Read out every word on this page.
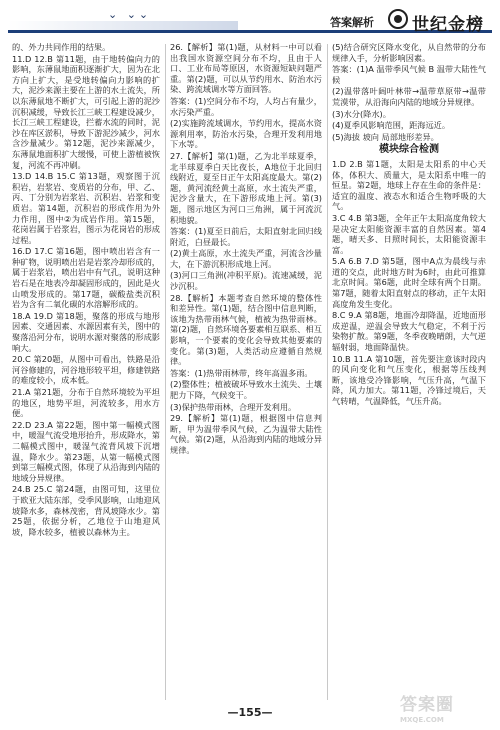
⌄ ⌄⌄
答案解析 世纪金榜

的、外力共同作用的结果。

11.D 12.B 第11题，由于地转偏向力的影响，东薄鼠地面积逐渐扩大，因为在北方向上扩大，是受地转偏向力影响的扩大，泥沙来源主要在上游的水土流失，所以东薄鼠地不断扩大，可引起上游的泥沙沉积减缓，导致长江三峡工程建设减少，长江三峡工程建设，拦蓄水流的同时，泥沙在库区淤积，导致下游泥沙减少，河水含沙量减少。第12题，泥沙来源减少，东薄鼠地面积扩大缓慢，可使上游植被恢复，河流不再冲刷。

13.D 14.B 15.C 第13题，观察图于沉积岩，岩浆岩、变质岩的分布，甲、乙、丙、丁分别为岩浆岩、沉积岩、岩浆和变质岩。第14题，沉积岩的形成作用为外力作用，图中②为成岩作用。第15题，花岗岩属于岩浆岩，图示为花岗岩的形成过程。

16.D 17.C 第16题，图中喷出岩含有一种矿物，说明喷出岩是岩浆冷却形成的，属于岩浆岩，喷出岩中有气孔，说明这种岩石是在地表冷却凝固形成的，因此是火山喷发形成的。第17题，碳酸盐类沉积岩为含有二氧化碳的水溶解形成的。

18.A 19.D 第18题，聚落的形成与地形因素、交通因素、水源因素有关，图中的聚落沿河分布，说明水源对聚落的形成影响大。

20.C 第20题，从图中可看出，铁路是沿河谷修建的，河谷地形较平坦，修建铁路的难度较小，成本低。

21.A 第21题，分布于自然环境较为平坦的地区，地势平坦，河流较多，用水方便。

22.D 23.A 第22题，图中第一幅模式图中，暖湿气流受地形抬升，形成降水，第二幅模式图中，暖湿气流背风坡下沉增温，降水少。第23题，从第一幅模式图到第三幅模式图，体现了从沿海到内陆的地域分异规律。

24.B 25.C 第24题，由图可知，这里位于欧亚大陆东部，受季风影响，山地迎风坡降水多，森林茂密，背风坡降水少。第25题，依据分析，乙地位于山地迎风坡，降水较多，植被以森林为主。

26.【解析】第(1)题，从材料一中可以看出我国水资源空间分布不均，且由于人口、工业布局等原因，水资源短缺问题严重。第(2)题，可以从节约用水、防治水污染、跨流域调水等方面回答。

答案：(1)空间分布不均，人均占有量少，水污染严重。

(2)实施跨流域调水，节约用水，提高水资源利用率，防治水污染，合理开发利用地下水等。

27.【解析】第(1)题，乙为北半球夏季，北半球夏季白天比夜长，A地位于北回归线附近，夏至日正午太阳高度最大。第(2)题，黄河流经黄土高原，水土流失严重，泥沙含量大，在下游形成地上河。第(3)题，图示地区为河口三角洲，属于河流沉积地貌。

答案：(1)夏至日前后，太阳直射北回归线附近，白昼最长。

(2)黄土高原，水土流失严重，河流含沙量大，在下游沉积形成地上河。

(3)河口三角洲(冲积平原)。流速减缓，泥沙沉积。

28.【解析】本题考查自然环境的整体性和差异性。第(1)题，结合图中信息判断，该地为热带雨林气候，植被为热带雨林。第(2)题，自然环境各要素相互联系、相互影响，一个要素的变化会导致其他要素的变化。第(3)题，人类活动应遵循自然规律。

答案：(1)热带雨林带，终年高温多雨。

(2)整体性；植被破坏导致水土流失、土壤肥力下降，气候变干。

(3)保护热带雨林，合理开发利用。

29.【解析】第(1)题，根据图中信息判断，甲为温带季风气候，乙为温带大陆性气候。第(2)题，从沿海到内陆的地域分异规律。

(5)结合研究区降水变化，从自然带的分布规律入手，分析影响因素。

答案：(1)A 温带季风气候 B 温带大陆性气候

(2)温带落叶阔叶林带→温带草原带→温带荒漠带，从沿海向内陆的地域分异规律。

(3)水分(降水)。

(4)夏季风影响范围，距海远近。

(5)海拔 坡向 局部地形差异。

模块综合检测

1.D 2.B 第1题，太阳是太阳系的中心天体，体积大、质量大，是太阳系中唯一的恒星。第2题，地球上存在生命的条件是：适宜的温度、液态水和适合生物呼吸的大气。

3.C 4.B 第3题，全年正午太阳高度角较大是决定太阳能资源丰富的自然因素。第4题，晴天多、日照时间长，太阳能资源丰富。

5.A 6.B 7.D 第5题，图中A点为晨线与赤道的交点，此时地方时为6时，由此可推算北京时间。第6题，此时全球有两个日期。第7题，随着太阳直射点的移动，正午太阳高度角发生变化。

8.C 9.A 第8题，地面冷却降温，近地面形成逆温，逆温会导致大气稳定，不利于污染物扩散。第9题，冬季夜晚晴朗，大气逆辐射弱，地面降温快。

10.B 11.A 第10题，首先要注意该时段内的风向变化和气压变化，根据等压线判断，该地受冷锋影响，气压升高，气温下降，风力加大。第11题，冷锋过境后，天气转晴，气温降低，气压升高。

—155—	答案圈
MXQE.COM
